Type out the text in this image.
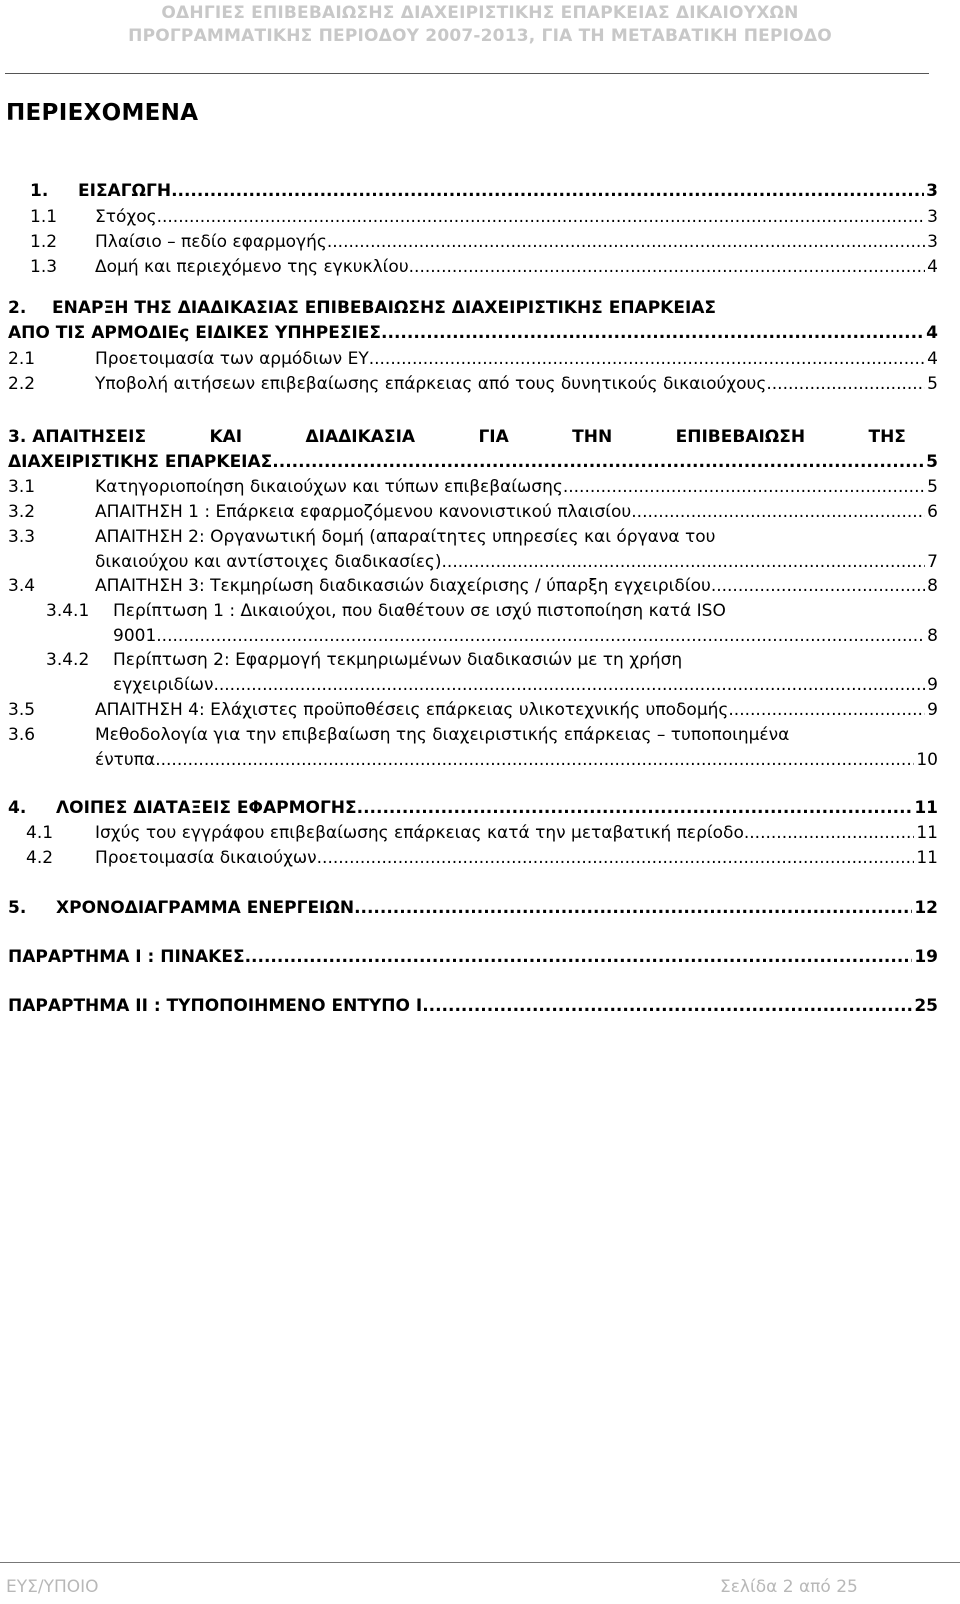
ΟΔΗΓΙΕΣ ΕΠΙΒΕΒΑΙΩΣΗΣ ΔΙΑΧΕΙΡΙΣΤΙΚΗΣ ΕΠΑΡΚΕΙΑΣ ΔΙΚΑΙΟΥΧΩΝ
ΠΡΟΓΡΑΜΜΑΤΙΚΗΣ ΠΕΡΙΟΔΟΥ 2007-2013, ΓΙΑ ΤΗ ΜΕΤΑΒΑΤΙΚΗ ΠΕΡΙΟΔΟ
ΠΕΡΙΕΧΟΜΕΝΑ
1.	ΕΙΣΑΓΩΓΗ .....	3
1.1	Στόχος .....	3
1.2	Πλαίσιο – πεδίο εφαρμογής .....	3
1.3	Δομή και περιεχόμενο της εγκυκλίου .....	4
2.	ΕΝΑΡΞΗ ΤΗΣ ΔΙΑΔΙΚΑΣΙΑΣ ΕΠΙΒΕΒΑΙΩΣΗΣ ΔΙΑΧΕΙΡΙΣΤΙΚΗΣ ΕΠΑΡΚΕΙΑΣ
ΑΠΟ ΤΙΣ ΑΡΜΟΔΙΕς ΕΙΔΙΚΕΣ ΥΠΗΡΕΣΙΕΣ .....	4
2.1	Προετοιμασία των αρμόδιων ΕΥ .....	4
2.2	Υποβολή αιτήσεων επιβεβαίωσης επάρκειας από τους δυνητικούς δικαιούχους .....	5
3. ΑΠΑΙΤΗΣΕΙΣ	ΚΑΙ	ΔΙΑΔΙΚΑΣΙΑ	ΓΙΑ	ΤΗΝ	ΕΠΙΒΕΒΑΙΩΣΗ	ΤΗΣ
ΔΙΑΧΕΙΡΙΣΤΙΚΗΣ ΕΠΑΡΚΕΙΑΣ .....	5
3.1	Κατηγοριοποίηση δικαιούχων και τύπων επιβεβαίωσης .....	5
3.2	ΑΠΑΙΤΗΣΗ 1 : Επάρκεια εφαρμοζόμενου κανονιστικού πλαισίου .....	6
3.3	ΑΠΑΙΤΗΣΗ 2: Οργανωτική δομή (απαραίτητες υπηρεσίες και όργανα του
δικαιούχου και αντίστοιχες διαδικασίες) .....	7
3.4	ΑΠΑΙΤΗΣΗ 3: Τεκμηρίωση διαδικασιών διαχείρισης / ύπαρξη εγχειριδίου .....	8
3.4.1	Περίπτωση 1 : Δικαιούχοι, που διαθέτουν σε ισχύ πιστοποίηση κατά ISO
9001 .....	8
3.4.2	Περίπτωση 2: Εφαρμογή τεκμηριωμένων διαδικασιών με τη χρήση
εγχειριδίων .....	9
3.5	ΑΠΑΙΤΗΣΗ 4: Ελάχιστες προϋποθέσεις επάρκειας υλικοτεχνικής υποδομής .....	9
3.6	Μεθοδολογία για την επιβεβαίωση της διαχειριστικής επάρκειας – τυποποιημένα
έντυπα .....	10
4.	ΛΟΙΠΕΣ ΔΙΑΤΑΞΕΙΣ ΕΦΑΡΜΟΓΗΣ .....	11
4.1	Ισχύς του εγγράφου επιβεβαίωσης επάρκειας κατά την μεταβατική περίοδο. .....	11
4.2	Προετοιμασία δικαιούχων .....	11
5.	ΧΡΟΝΟΔΙΑΓΡΑΜΜΑ ΕΝΕΡΓΕΙΩΝ .....	12
ΠΑΡΑΡΤΗΜΑ Ι : ΠΙΝΑΚΕΣ .....	19
ΠΑΡΑΡΤΗΜΑ ΙΙ : ΤΥΠΟΠΟΙΗΜΕΝΟ ΕΝΤΥΠΟ Ι .....	25
ΕΥΣ/ΥΠΟΙΟ	Σελίδα 2 από 25
